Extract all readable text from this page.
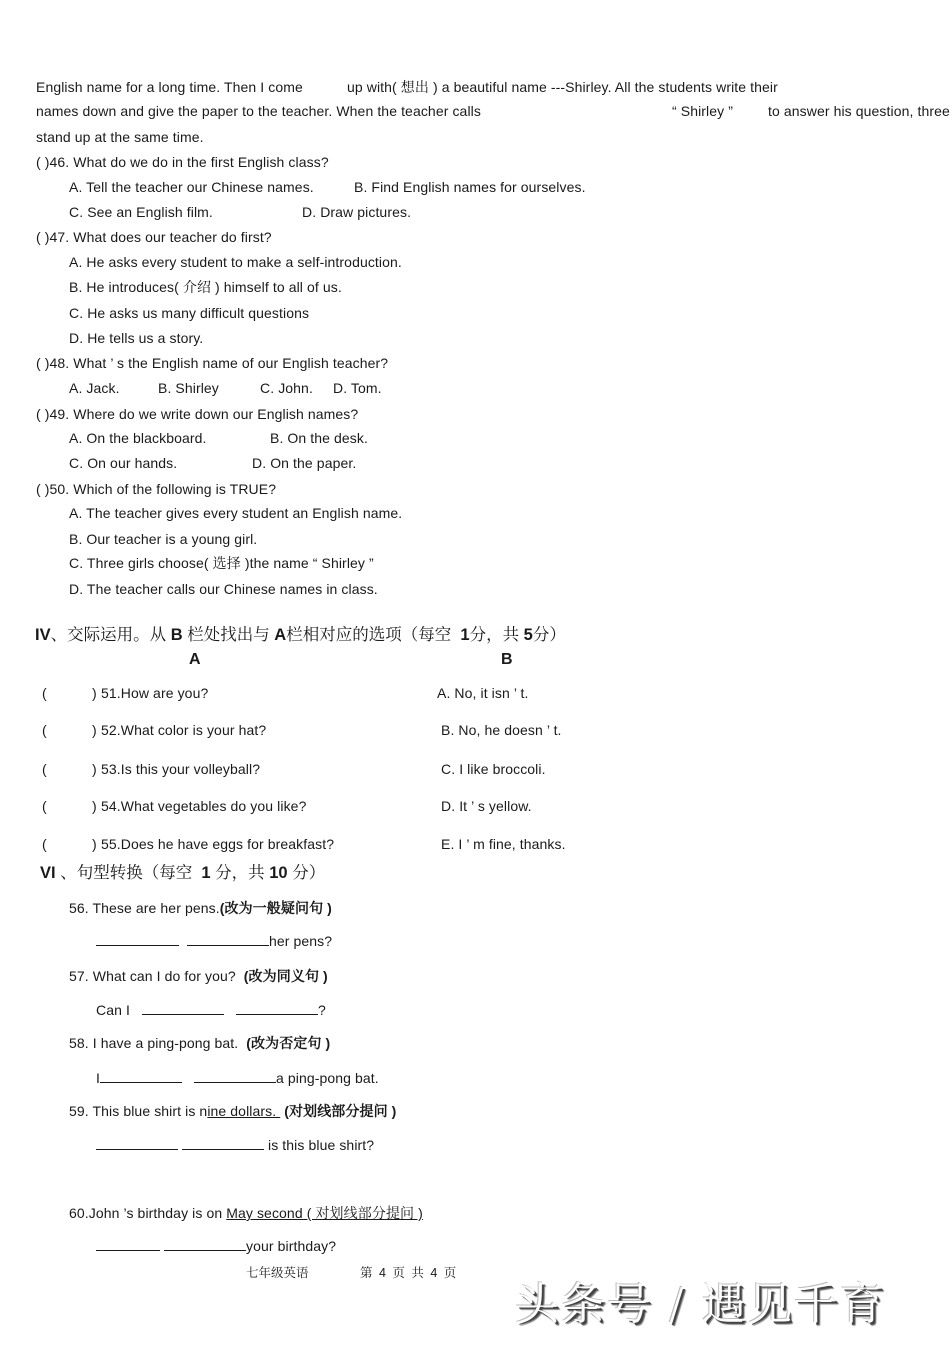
English name for a long time. Then I come	up with( 想出 ) a beautiful name ---Shirley. All the students write their
names down and give the paper to the teacher. When the teacher calls	“ Shirley ”	to answer his question, three
stand up at the same time.
( )46. What do we do in the first English class?
A. Tell the teacher our Chinese names.	B. Find English names for ourselves.
C. See an English film.	D. Draw pictures.
( )47. What does our teacher do first?
A. He asks every student to make a self-introduction.
B. He introduces( 介绍 ) himself to all of us.
C. He asks us many difficult questions
D. He tells us a story.
( )48. What ’ s the English name of our English teacher?
A. Jack.	B. Shirley	C. John. D. Tom.
( )49. Where do we write down our English names?
A. On the blackboard.	B. On the desk.
C. On our hands.	D. On the paper.
( )50. Which of the following is TRUE?
A. The teacher gives every student an English name.
B. Our teacher is a young girl.
C. Three girls choose( 选择 )the name “ Shirley ”
D. The teacher calls our Chinese names in class.
IV、交际运用。从 B 栏处找出与 A栏相对应的选项（每空 1分，共 5分）
A	B
(	) 51.How are you?	A. No, it isn ’ t.
(	) 52.What color is your hat?	B. No, he doesn ’ t.
(	) 53.Is this your volleyball?	C. I like broccoli.
(	) 54.What vegetables do you like?	D. It ’ s yellow.
(	) 55.Does he have eggs for breakfast?	E. I ’ m fine, thanks.
VI 、句型转换（每空 1 分，共 10 分）
56. These are her pens.(改为一般疑问句 )
her pens?
57. What can I do for you? (改为同义句 )
Can I	?
58. I have a ping-pong bat. (改为否定句 )
I	a ping-pong bat.
59. This blue shirt is nine dollars.  (对划线部分提问 )
is this blue shirt?
60.John ’s birthday is on May second ( 对划线部分提问 )
your birthday?
七年级英语	第 4 页 共 4 页
头条号 / 遇见千育
